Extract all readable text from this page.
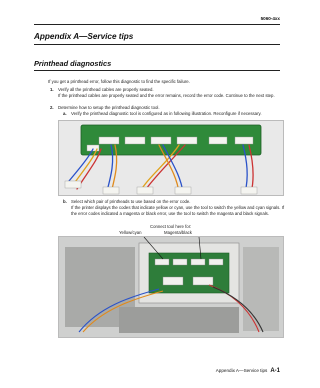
5060-4xx
Appendix A—Service tips
Printhead diagnostics
If you get a printhead error, follow this diagnostic to find the specific failure.
1. Verify all the printhead cables are properly seated.
If the printhead cables are properly seated and the error remains, record the error code. Continue to the next step.
2. Determine how to setup the printhead diagnostic tool.
a. Verify the printhead diagnostic tool is configured as in following illustration. Reconfigure if necessary.
b. Select which pair of printheads to use based on the error code.
If the printer displays the codes that indicate yellow or cyan, use the tool to switch the yellow and cyan signals. If the error codes indicated a magenta or black error, use the tool to switch the magenta and black signals.
Connect tool here for:
Yellow/cyan	Magenta/black
Appendix A—Service tips A-1
